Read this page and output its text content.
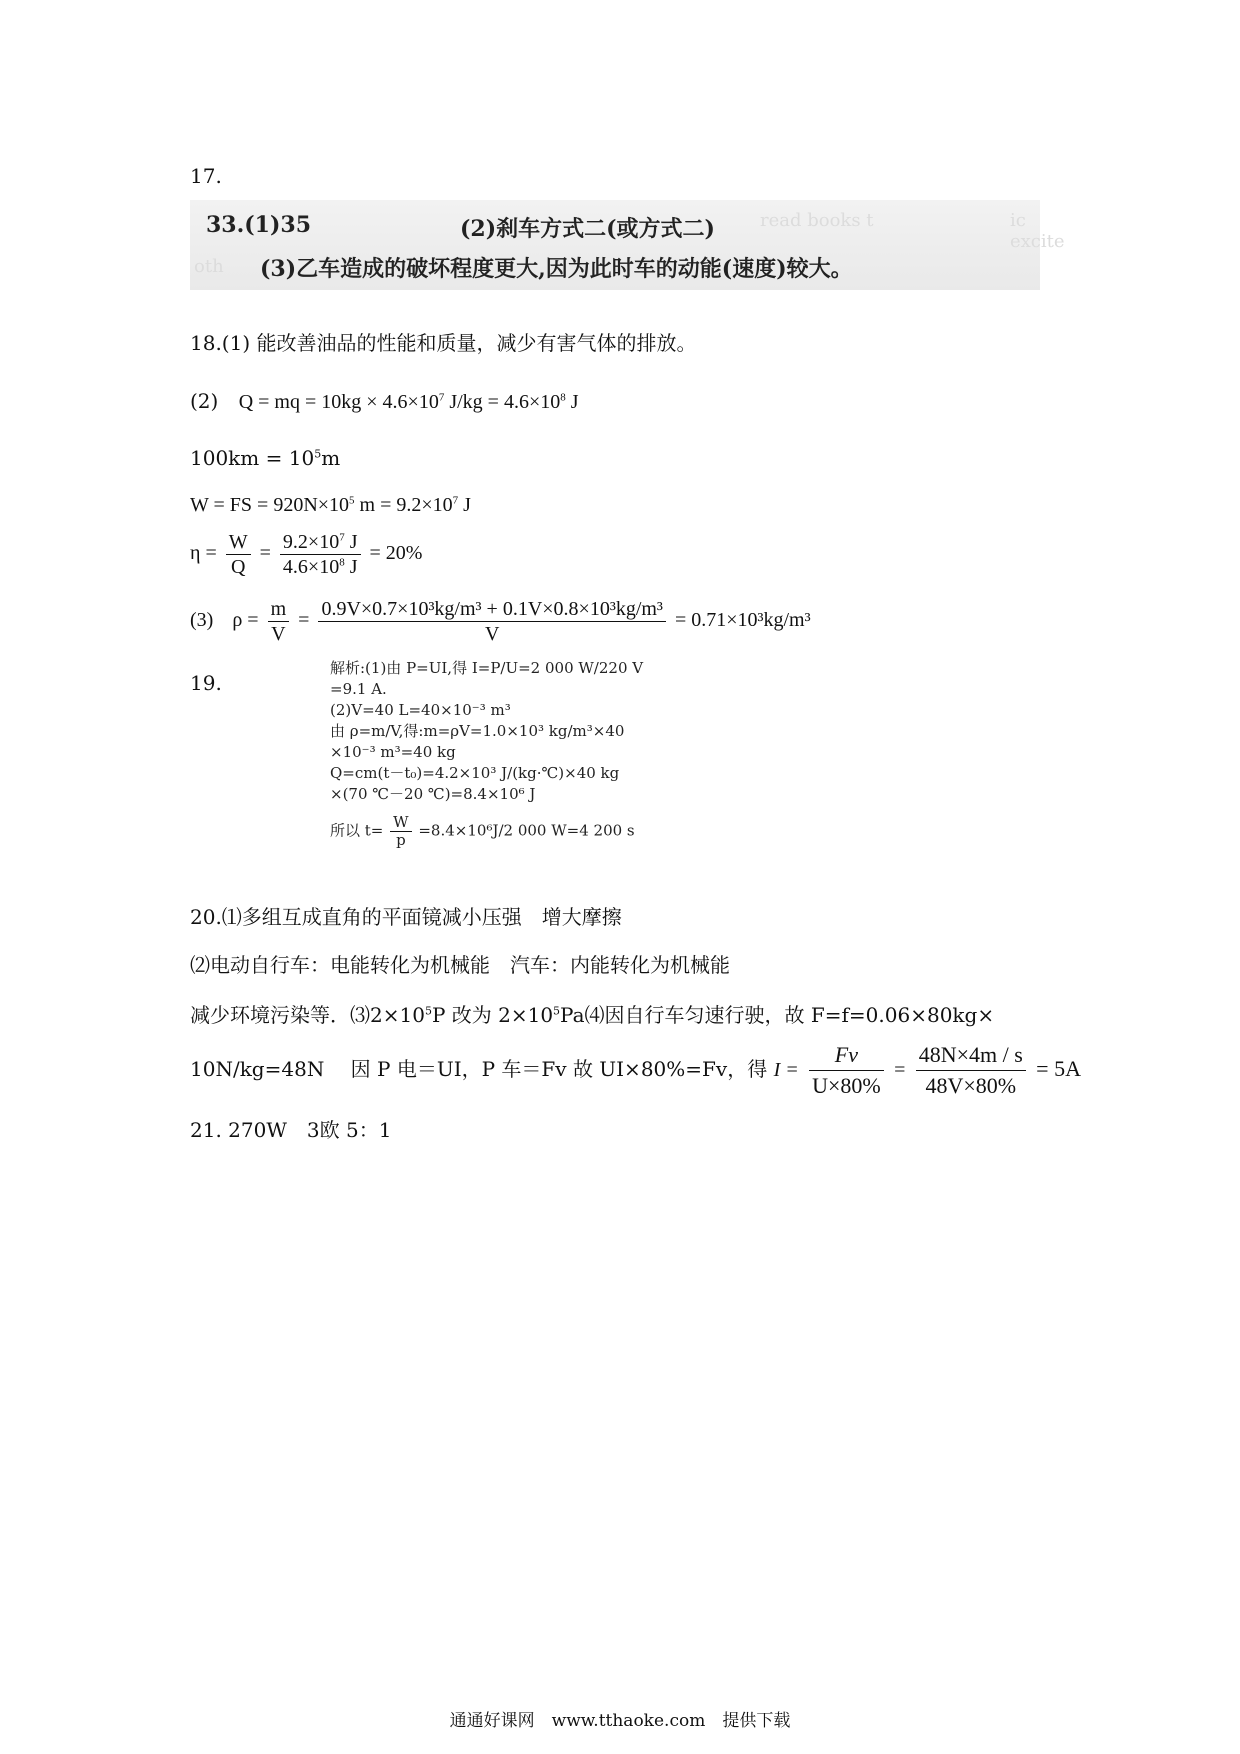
17.
read books t	ic excite
oth
33.(1)35	(2)刹车方式二(或方式二)
(3)乙车造成的破坏程度更大,因为此时车的动能(速度)较大。
18.(1) 能改善油品的性能和质量，减少有害气体的排放。
(2) Q = mq = $10kg \times 4.6\times 10^7$ $J/kg = 4.6\times 10^8$ J
$100km = 10^5m$
W = FS = $920N\times 10^5$ $m = 9.2\times 10^7$ J
$\eta = \frac{W}{Q} = \frac{9.2\times 10^7 J}{4.6\times 10^8 J} = 20\%$
(3) $\rho = \frac{m}{V} = \frac{\text{0.9V×0.7×10³kg/m³ + 0.1V×0.8×10³kg/m³}}{V} = 0.71\times 10^3kg/m^3$
19.
解析:(1)由 P=UI,得 I=P/U=2 000 W/220 V
=9.1 A.
(2)V=40 L=40×10⁻³ m³
由 ρ=m/V,得:m=ρV=1.0×10³ kg/m³×40
×10⁻³ m³=40 kg
Q=cm(t－t₀)=4.2×10³ J/(kg·℃)×40 kg
×(70 ℃－20 ℃)=8.4×10⁶ J
所以 $t= \frac{W}{p} =8.4\times 10^6J/2$ 000 W=4 200 s
20.⑴多组互成直角的平面镜减小压强　增大摩擦
⑵电动自行车：电能转化为机械能　汽车：内能转化为机械能
减少环境污染等．$⑶2\times 10^5P$ 改为 $2\times 10^5Pa⑷$因自行车匀速行驶，故 F=f=0.06×80kg×
10N/kg=48N　 因 P 电＝UI，P 车＝Fv 故 UI×80%=Fv，得 $I = \frac{Fv}{U\times 80\%} = \frac{48N\times 4m / s}{48V\times 80\%} = 5A$
21. 270W　3欧 5：1
通通好课网　www.tthaoke.com　提供下载
